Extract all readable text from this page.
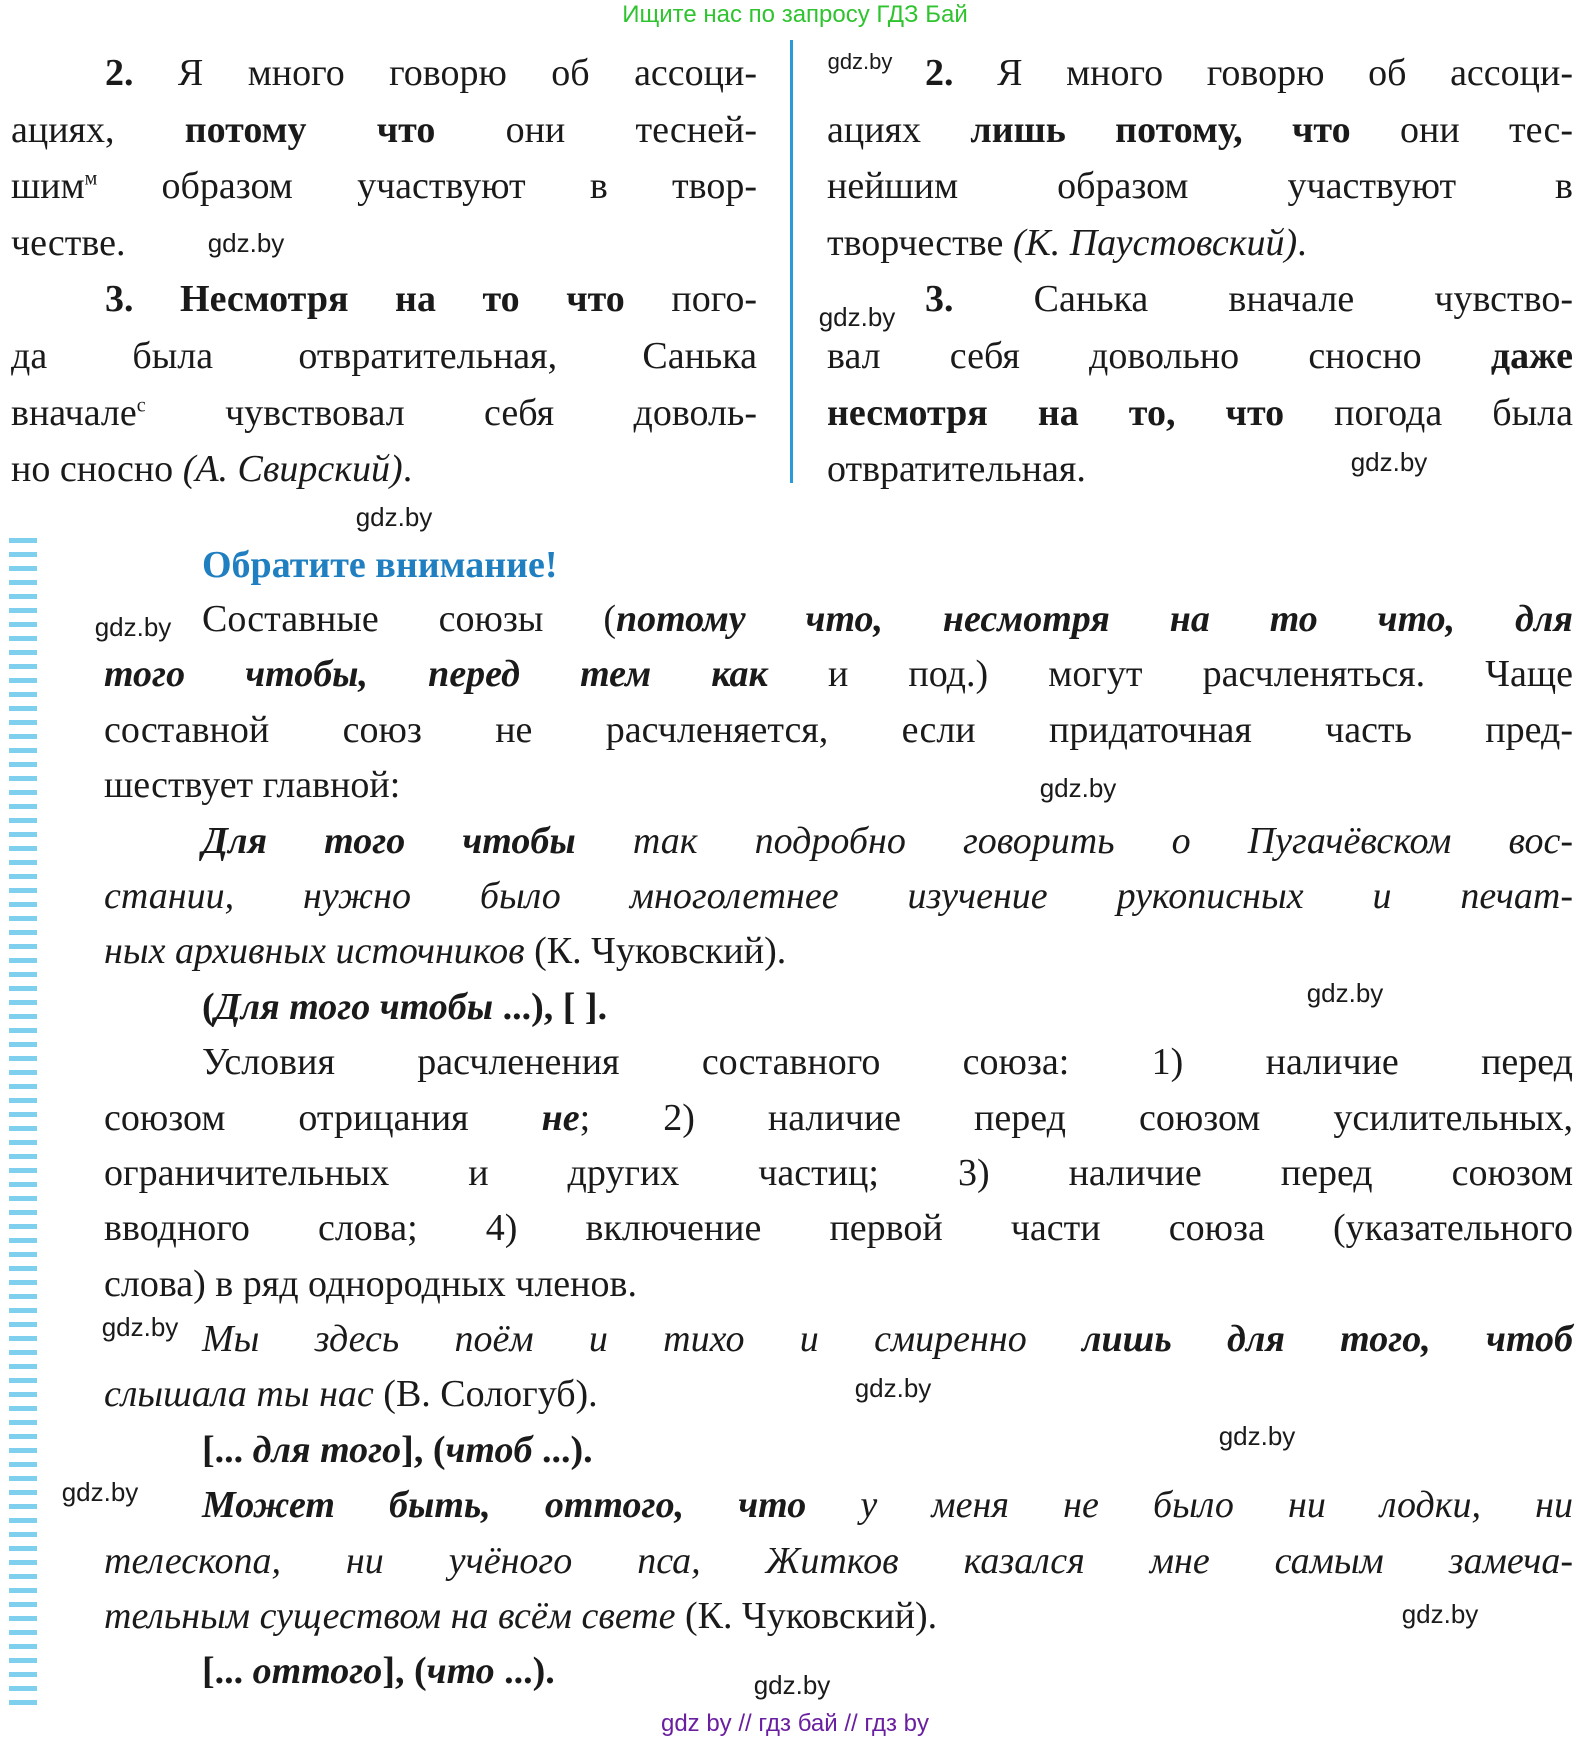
Ищите нас по запросу ГДЗ Бай
2. Я много говорю об ассоци-
ациях, потому что они тесней-
шим$^м$ образом участвуют в твор-
честве.
3. Несмотря на то что пого-
да была отвратительная, Санька
вначале$^с$ чувствовал себя доволь-
но сносно (А. Свирский).
2. Я много говорю об ассоци-
ациях лишь потому, что они тес-
нейшим образом участвуют в
творчестве (К. Паустовский).
3. Санька вначале чувство-
вал себя довольно сносно даже
несмотря на то, что погода была
отвратительная.
Обратите внимание!
Составные союзы (потому что, несмотря на то что, для
того чтобы, перед тем как и под.) могут расчленяться. Чаще
составной союз не расчленяется, если придаточная часть пред-
шествует главной:
Для того чтобы так подробно говорить о Пугачёвском вос-
стании, нужно было многолетнее изучение рукописных и печат-
ных архивных источников (К. Чуковский).
(Для того чтобы ...), [ ].
Условия расчленения составного союза: 1) наличие перед
союзом отрицания не; 2) наличие перед союзом усилительных,
ограничительных и других частиц; 3) наличие перед союзом
вводного слова; 4) включение первой части союза (указательного
слова) в ряд однородных членов.
Мы здесь поём и тихо и смиренно лишь для того, чтоб
слышала ты нас (В. Сологуб).
[... для того], (чтоб ...).
Может быть, оттого, что у меня не было ни лодки, ни
телескопа, ни учёного пса, Житков казался мне самым замеча-
тельным существом на всём свете (К. Чуковский).
[... оттого], (что ...).
gdz by // гдз бай // гдз by
gdz.by
gdz.by
gdz.by
gdz.by
gdz.by
gdz.by
gdz.by
gdz.by
gdz.by
gdz.by
gdz.by
gdz.by
gdz.by
gdz.by
